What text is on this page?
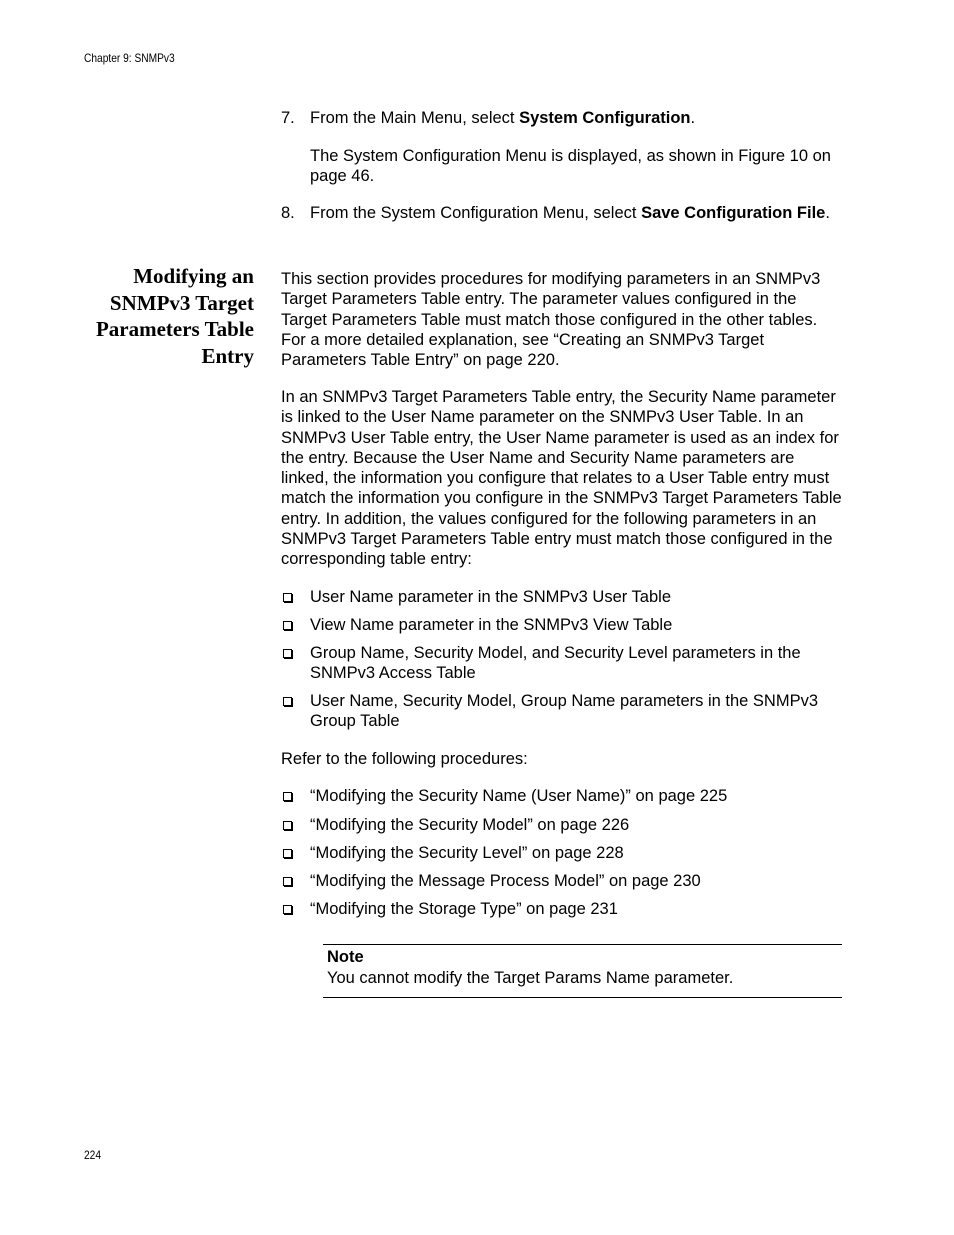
Chapter 9: SNMPv3
7. From the Main Menu, select System Configuration.
The System Configuration Menu is displayed, as shown in Figure 10 on page 46.
8. From the System Configuration Menu, select Save Configuration File.
Modifying an
SNMPv3 Target
Parameters Table
Entry
This section provides procedures for modifying parameters in an SNMPv3 Target Parameters Table entry. The parameter values configured in the Target Parameters Table must match those configured in the other tables. For a more detailed explanation, see “Creating an SNMPv3 Target Parameters Table Entry” on page 220.
In an SNMPv3 Target Parameters Table entry, the Security Name parameter is linked to the User Name parameter on the SNMPv3 User Table. In an SNMPv3 User Table entry, the User Name parameter is used as an index for the entry. Because the User Name and Security Name parameters are linked, the information you configure that relates to a User Table entry must match the information you configure in the SNMPv3 Target Parameters Table entry. In addition, the values configured for the following parameters in an SNMPv3 Target Parameters Table entry must match those configured in the corresponding table entry:
User Name parameter in the SNMPv3 User Table
View Name parameter in the SNMPv3 View Table
Group Name, Security Model, and Security Level parameters in the SNMPv3 Access Table
User Name, Security Model, Group Name parameters in the SNMPv3 Group Table
Refer to the following procedures:
“Modifying the Security Name (User Name)” on page 225
“Modifying the Security Model” on page 226
“Modifying the Security Level” on page 228
“Modifying the Message Process Model” on page 230
“Modifying the Storage Type” on page 231
Note
You cannot modify the Target Params Name parameter.
224
